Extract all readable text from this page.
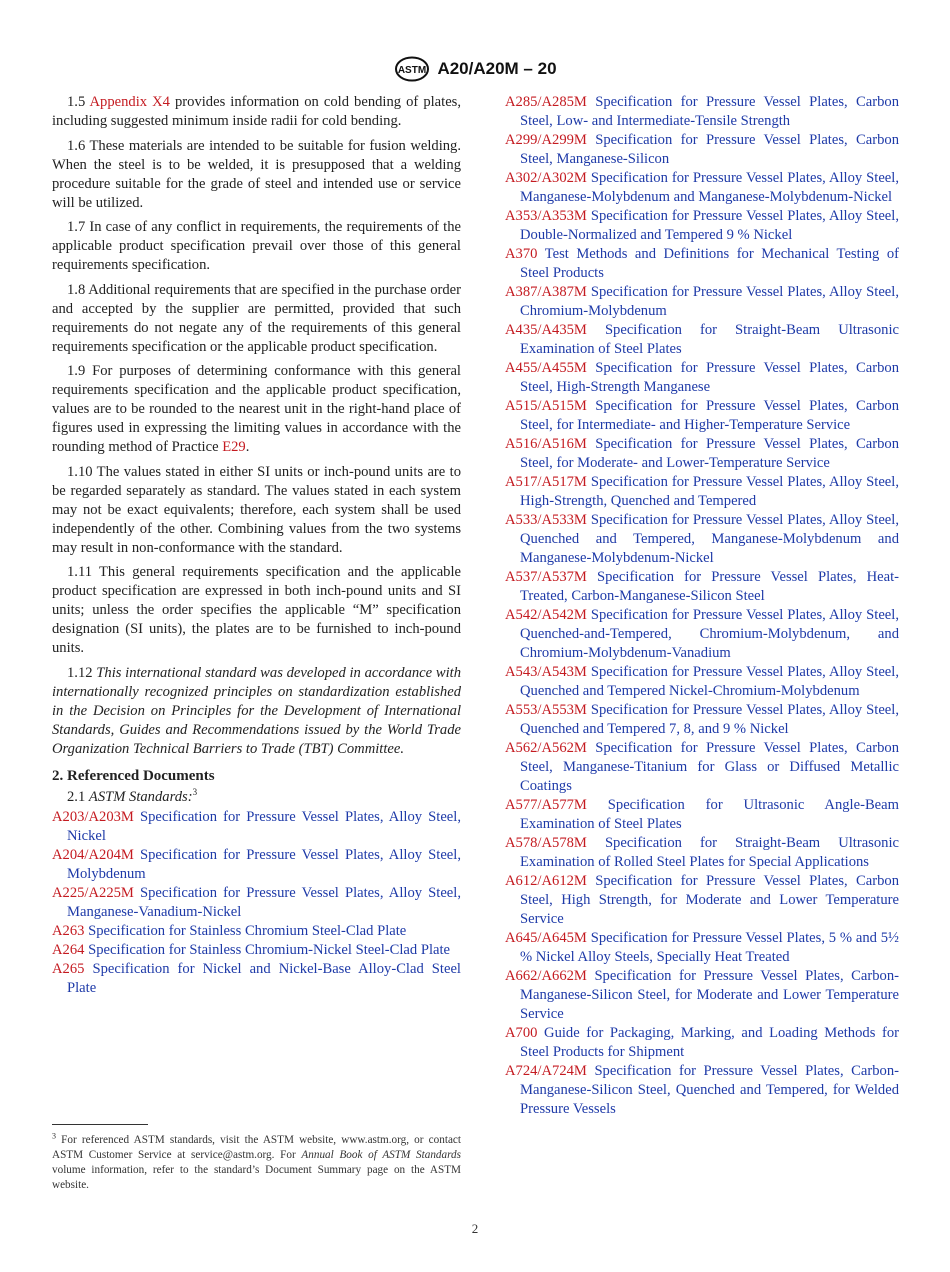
ASTM A20/A20M – 20

1.5 Appendix X4 provides information on cold bending of plates, including suggested minimum inside radii for cold bending.

1.6 These materials are intended to be suitable for fusion welding. When the steel is to be welded, it is presupposed that a welding procedure suitable for the grade of steel and intended use or service will be utilized.

1.7 In case of any conflict in requirements, the requirements of the applicable product specification prevail over those of this general requirements specification.

1.8 Additional requirements that are specified in the purchase order and accepted by the supplier are permitted, provided that such requirements do not negate any of the requirements of this general requirements specification or the applicable product specification.

1.9 For purposes of determining conformance with this general requirements specification and the applicable product specification, values are to be rounded to the nearest unit in the right-hand place of figures used in expressing the limiting values in accordance with the rounding method of Practice E29.

1.10 The values stated in either SI units or inch-pound units are to be regarded separately as standard. The values stated in each system may not be exact equivalents; therefore, each system shall be used independently of the other. Combining values from the two systems may result in non-conformance with the standard.

1.11 This general requirements specification and the applicable product specification are expressed in both inch-pound units and SI units; unless the order specifies the applicable “M” specification designation (SI units), the plates are to be furnished to inch-pound units.

1.12 This international standard was developed in accordance with internationally recognized principles on standardization established in the Decision on Principles for the Development of International Standards, Guides and Recommendations issued by the World Trade Organization Technical Barriers to Trade (TBT) Committee.

2. Referenced Documents
2.1 ASTM Standards:$^3$
A203/A203M Specification for Pressure Vessel Plates, Alloy Steel, Nickel
A204/A204M Specification for Pressure Vessel Plates, Alloy Steel, Molybdenum
A225/A225M Specification for Pressure Vessel Plates, Alloy Steel, Manganese-Vanadium-Nickel
A263 Specification for Stainless Chromium Steel-Clad Plate
A264 Specification for Stainless Chromium-Nickel Steel-Clad Plate
A265 Specification for Nickel and Nickel-Base Alloy-Clad Steel Plate
A285/A285M Specification for Pressure Vessel Plates, Carbon Steel, Low- and Intermediate-Tensile Strength
A299/A299M Specification for Pressure Vessel Plates, Carbon Steel, Manganese-Silicon
A302/A302M Specification for Pressure Vessel Plates, Alloy Steel, Manganese-Molybdenum and Manganese-Molybdenum-Nickel
A353/A353M Specification for Pressure Vessel Plates, Alloy Steel, Double-Normalized and Tempered 9 % Nickel
A370 Test Methods and Definitions for Mechanical Testing of Steel Products
A387/A387M Specification for Pressure Vessel Plates, Alloy Steel, Chromium-Molybdenum
A435/A435M Specification for Straight-Beam Ultrasonic Examination of Steel Plates
A455/A455M Specification for Pressure Vessel Plates, Carbon Steel, High-Strength Manganese
A515/A515M Specification for Pressure Vessel Plates, Carbon Steel, for Intermediate- and Higher-Temperature Service
A516/A516M Specification for Pressure Vessel Plates, Carbon Steel, for Moderate- and Lower-Temperature Service
A517/A517M Specification for Pressure Vessel Plates, Alloy Steel, High-Strength, Quenched and Tempered
A533/A533M Specification for Pressure Vessel Plates, Alloy Steel, Quenched and Tempered, Manganese-Molybdenum and Manganese-Molybdenum-Nickel
A537/A537M Specification for Pressure Vessel Plates, Heat-Treated, Carbon-Manganese-Silicon Steel
A542/A542M Specification for Pressure Vessel Plates, Alloy Steel, Quenched-and-Tempered, Chromium-Molybdenum, and Chromium-Molybdenum-Vanadium
A543/A543M Specification for Pressure Vessel Plates, Alloy Steel, Quenched and Tempered Nickel-Chromium-Molybdenum
A553/A553M Specification for Pressure Vessel Plates, Alloy Steel, Quenched and Tempered 7, 8, and 9 % Nickel
A562/A562M Specification for Pressure Vessel Plates, Carbon Steel, Manganese-Titanium for Glass or Diffused Metallic Coatings
A577/A577M Specification for Ultrasonic Angle-Beam Examination of Steel Plates
A578/A578M Specification for Straight-Beam Ultrasonic Examination of Rolled Steel Plates for Special Applications
A612/A612M Specification for Pressure Vessel Plates, Carbon Steel, High Strength, for Moderate and Lower Temperature Service
A645/A645M Specification for Pressure Vessel Plates, 5 % and 5½ % Nickel Alloy Steels, Specially Heat Treated
A662/A662M Specification for Pressure Vessel Plates, Carbon-Manganese-Silicon Steel, for Moderate and Lower Temperature Service
A700 Guide for Packaging, Marking, and Loading Methods for Steel Products for Shipment
A724/A724M Specification for Pressure Vessel Plates, Carbon-Manganese-Silicon Steel, Quenched and Tempered, for Welded Pressure Vessels
$^3$ For referenced ASTM standards, visit the ASTM website, www.astm.org, or contact ASTM Customer Service at service@astm.org. For Annual Book of ASTM Standards volume information, refer to the standard’s Document Summary page on the ASTM website.
2
